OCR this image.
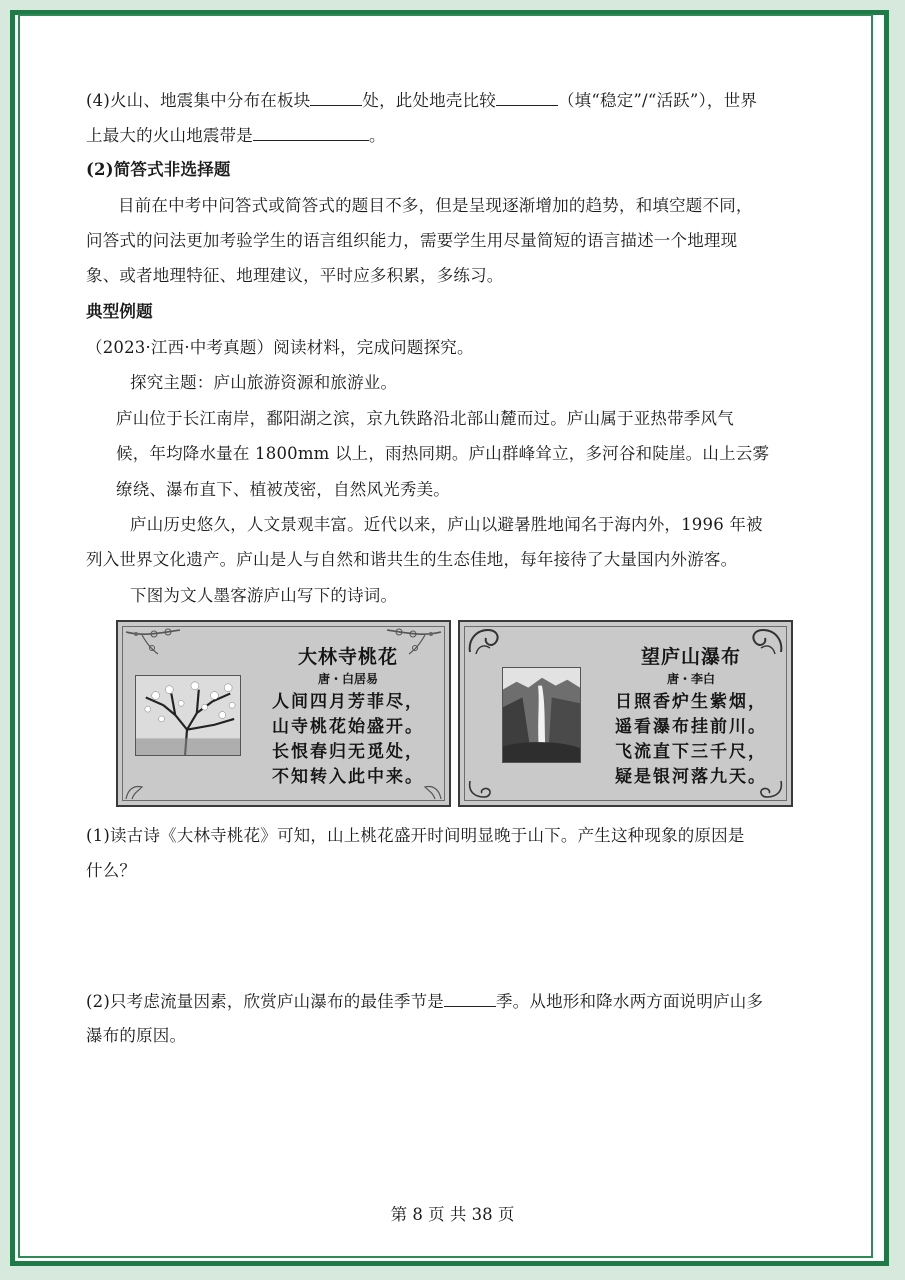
(4)火山、地震集中分布在板块	处，此处地壳比较	（填“稳定”/“活跃”），世界
上最大的火山地震带是	。
(2)简答式非选择题
目前在中考中问答式或简答式的题目不多，但是呈现逐渐增加的趋势，和填空题不同，
问答式的问法更加考验学生的语言组织能力，需要学生用尽量简短的语言描述一个地理现
象、或者地理特征、地理建议，平时应多积累，多练习。
典型例题
（2023·江西·中考真题）阅读材料，完成问题探究。
探究主题：庐山旅游资源和旅游业。
庐山位于长江南岸，鄱阳湖之滨，京九铁路沿北部山麓而过。庐山属于亚热带季风气
候，年均降水量在 1800mm 以上，雨热同期。庐山群峰耸立，多河谷和陡崖。山上云雾
缭绕、瀑布直下、植被茂密，自然风光秀美。
庐山历史悠久，人文景观丰富。近代以来，庐山以避暑胜地闻名于海内外，1996 年被
列入世界文化遗产。庐山是人与自然和谐共生的生态佳地，每年接待了大量国内外游客。
下图为文人墨客游庐山写下的诗词。
大林寺桃花
唐・白居易
人间四月芳菲尽，
山寺桃花始盛开。
长恨春归无觅处，
不知转入此中来。
望庐山瀑布
唐・李白
日照香炉生紫烟，
遥看瀑布挂前川。
飞流直下三千尺，
疑是银河落九天。
(1)读古诗《大林寺桃花》可知，山上桃花盛开时间明显晚于山下。产生这种现象的原因是
什么？
(2)只考虑流量因素，欣赏庐山瀑布的最佳季节是	季。从地形和降水两方面说明庐山多
瀑布的原因。
第 8 页 共 38 页
